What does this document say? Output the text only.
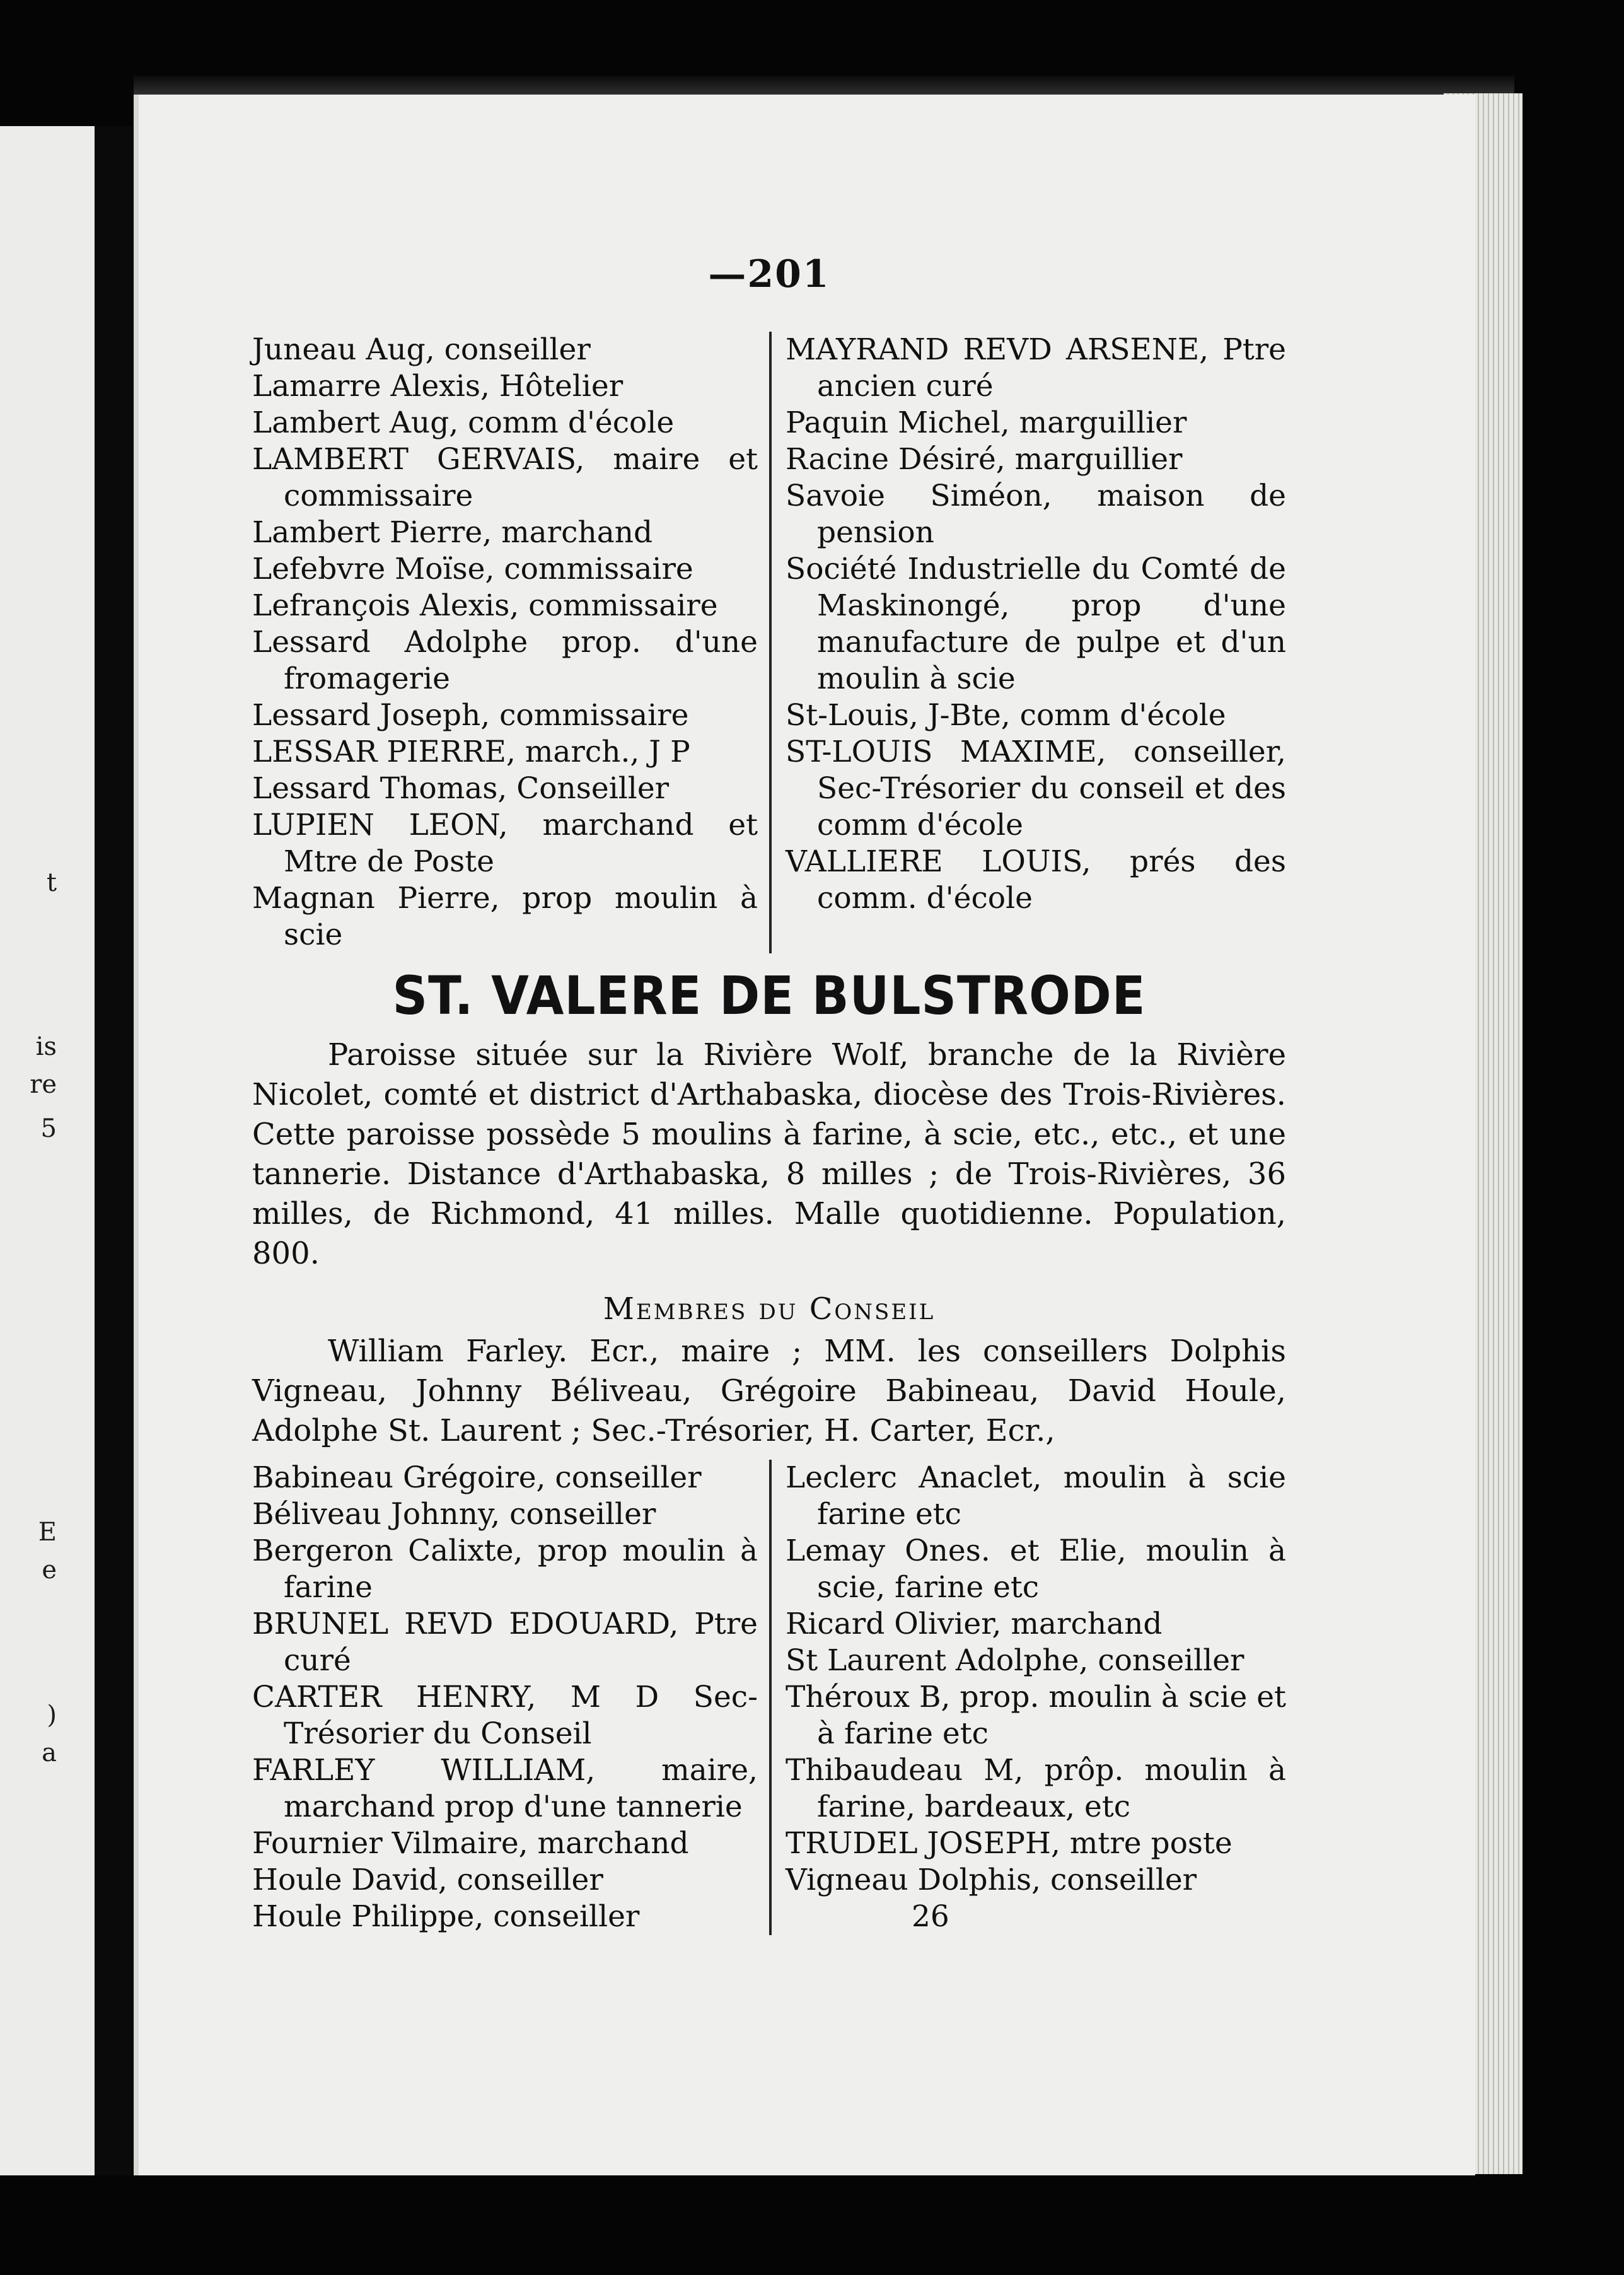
t
is
re
5
E
e
)
a
—201
Juneau Aug, conseiller
Lamarre Alexis, Hôtelier
Lambert Aug, comm d'école
LAMBERT GERVAIS, maire et commissaire
Lambert Pierre, marchand
Lefebvre Moïse, commissaire
Lefrançois Alexis, commissaire
Lessard Adolphe prop. d'une fromagerie
Lessard Joseph, commissaire
LESSAR PIERRE, march., J P
Lessard Thomas, Conseiller
LUPIEN LEON, marchand et Mtre de Poste
Magnan Pierre, prop moulin à scie
MAYRAND REVD ARSENE, Ptre ancien curé
Paquin Michel, marguillier
Racine Désiré, marguillier
Savoie Siméon, maison de pension
Société Industrielle du Comté de Maskinongé, prop d'une manufacture de pulpe et d'un moulin à scie
St-Louis, J-Bte, comm d'école
ST-LOUIS MAXIME, conseiller, Sec-Trésorier du conseil et des comm d'école
VALLIERE LOUIS, prés des comm. d'école
ST. VALERE DE BULSTRODE

Paroisse située sur la Rivière Wolf, branche de la Rivière Nicolet, comté et district d'Arthabaska, diocèse des Trois-Rivières. Cette paroisse possède 5 moulins à farine, à scie, etc., etc., et une tannerie. Distance d'Arthabaska, 8 milles ; de Trois-Rivières, 36 milles, de Richmond, 41 milles. Malle quotidienne. Population, 800.

Membres du Conseil

William Farley. Ecr., maire ; MM. les conseillers Dolphis Vigneau, Johnny Béliveau, Grégoire Babineau, David Houle, Adolphe St. Laurent ; Sec.-Trésorier, H. Carter, Ecr.,

Babineau Grégoire, conseiller
Béliveau Johnny, conseiller
Bergeron Calixte, prop moulin à farine
BRUNEL REVD EDOUARD, Ptre curé
CARTER HENRY, M D Sec-Trésorier du Conseil
FARLEY WILLIAM, maire, marchand prop d'une tannerie
Fournier Vilmaire, marchand
Houle David, conseiller
Houle Philippe, conseiller
Leclerc Anaclet, moulin à scie farine etc
Lemay Ones. et Elie, moulin à scie, farine etc
Ricard Olivier, marchand
St Laurent Adolphe, conseiller
Théroux B, prop. moulin à scie et à farine etc
Thibaudeau M, prôp. moulin à farine, bardeaux, etc
TRUDEL JOSEPH, mtre poste
Vigneau Dolphis, conseiller
26
